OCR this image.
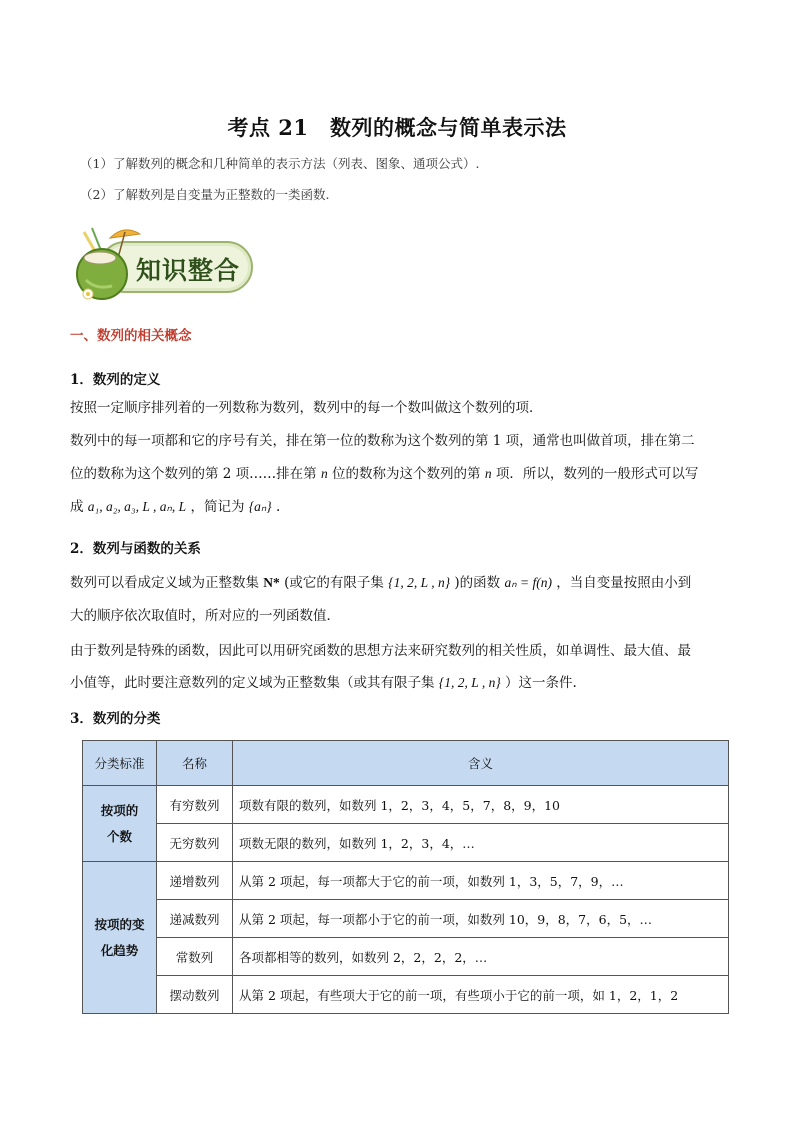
考点 21　数列的概念与简单表示法
（1）了解数列的概念和几种简单的表示方法（列表、图象、通项公式）.
（2）了解数列是自变量为正整数的一类函数.
知识整合
一、数列的相关概念
1．数列的定义
按照一定顺序排列着的一列数称为数列，数列中的每一个数叫做这个数列的项．
数列中的每一项都和它的序号有关，排在第一位的数称为这个数列的第 1 项，通常也叫做首项，排在第二
位的数称为这个数列的第 2 项……排在第 n 位的数称为这个数列的第 n 项．所以，数列的一般形式可以写
成 a₁, a₂, a₃, L , aₙ, L ，简记为 {aₙ} .
2．数列与函数的关系
数列可以看成定义域为正整数集 N* (或它的有限子集 {1, 2, L , n} )的函数 aₙ = f(n) ，当自变量按照由小到
大的顺序依次取值时，所对应的一列函数值．
由于数列是特殊的函数，因此可以用研究函数的思想方法来研究数列的相关性质，如单调性、最大值、最
小值等，此时要注意数列的定义域为正整数集（或其有限子集 {1, 2, L , n} ）这一条件.
3．数列的分类
分类标准	名称	含义
按项的
个数	有穷数列	项数有限的数列，如数列 1，2，3，4，5，7，8，9，10
	无穷数列	项数无限的数列，如数列 1，2，3，4，…
按项的变
化趋势	递增数列	从第 2 项起，每一项都大于它的前一项，如数列 1，3，5，7，9，…
	递减数列	从第 2 项起，每一项都小于它的前一项，如数列 10，9，8，7，6，5，…
	常数列	各项都相等的数列，如数列 2，2，2，2，…
	摆动数列	从第 2 项起，有些项大于它的前一项，有些项小于它的前一项，如 1，2，1，2
